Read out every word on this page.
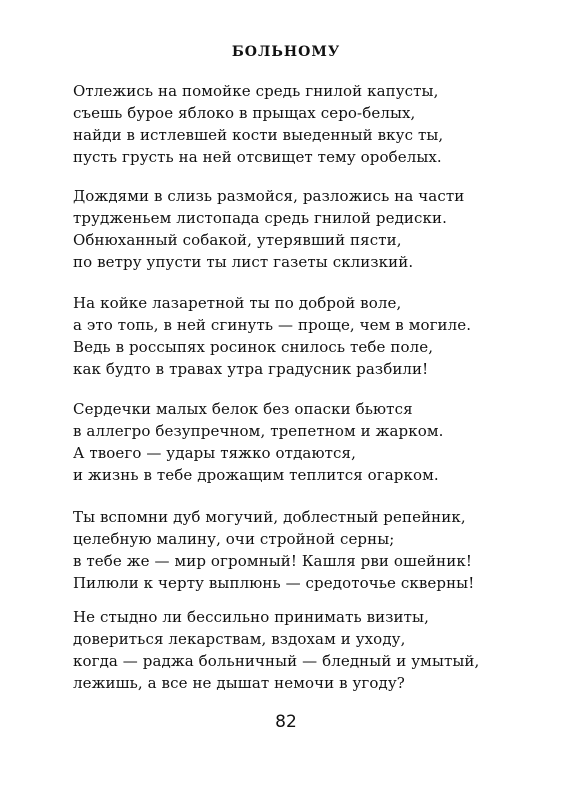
БОЛЬНОМУ
Отлежись на помойке средь гнилой капусты,
съешь бурое яблоко в прыщах серо-белых,
найди в истлевшей кости выеденный вкус ты,
пусть грусть на ней отсвищет тему оробелых.
Дождями в слизь размойся, разложись на части
трудженьем листопада средь гнилой редиски.
Обнюханный собакой, утерявший пясти,
по ветру упусти ты лист газеты склизкий.
На койке лазаретной ты по доброй воле,
а это топь, в ней сгинуть — проще, чем в могиле.
Ведь в россыпях росинок снилось тебе поле,
как будто в травах утра градусник разбили!
Сердечки малых белок без опаски бьются
в аллегро безупречном, трепетном и жарком.
А твоего — удары тяжко отдаются,
и жизнь в тебе дрожащим теплится огарком.
Ты вспомни дуб могучий, доблестный репейник,
целебную малину, очи стройной серны;
в тебе же — мир огромный! Кашля рви ошейник!
Пилюли к черту выплюнь — средоточье скверны!
Не стыдно ли бессильно принимать визиты,
довериться лекарствам, вздохам и уходу,
когда — раджа больничный — бледный и умытый,
лежишь, а все не дышат немочи в угоду?
82
